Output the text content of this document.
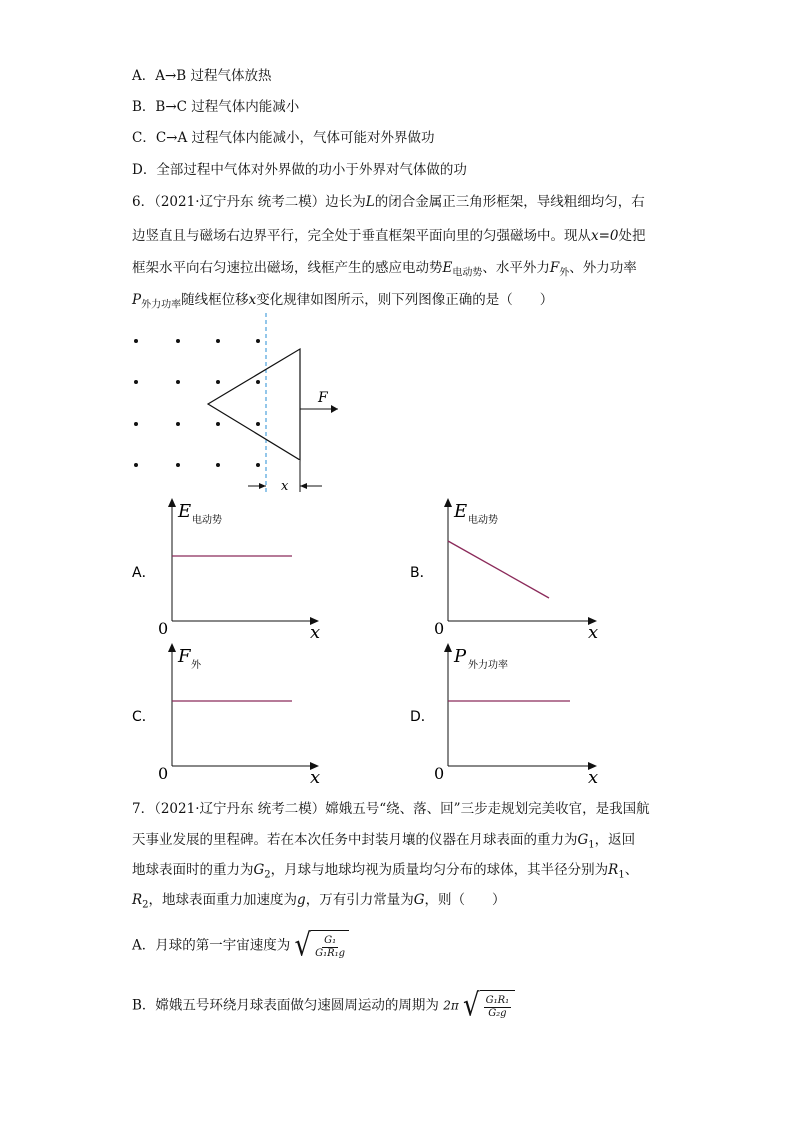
A．A→B 过程气体放热
B．B→C 过程气体内能减小
C．C→A 过程气体内能减小，气体可能对外界做功
D．全部过程中气体对外界做的功小于外界对气体做的功
6．（2021·辽宁丹东 统考二模）边长为L的闭合金属正三角形框架，导线粗细均匀，右
边竖直且与磁场右边界平行，完全处于垂直框架平面向里的匀强磁场中。现从x=0处把
框架水平向右匀速拉出磁场，线框产生的感应电动势$E_{电动势}$、水平外力$F_外$、外力功率
$P_{外力功率}$随线框位移x变化规律如图所示，则下列图像正确的是（　　）
F
x
A．
E 电动势
0	x
B．
E 电动势
0	x
C．
F 外
0	x
D．
P 外力功率
0	x
7．（2021·辽宁丹东 统考二模）嫦娥五号“绕、落、回”三步走规划完美收官，是我国航
天事业发展的里程碑。若在本次任务中封装月壤的仪器在月球表面的重力为$G_1$，返回
地球表面时的重力为$G_2$，月球与地球均视为质量均匀分布的球体，其半径分别为$R_1$、
$R_2$，地球表面重力加速度为g，万有引力常量为G，则（　　）
A．月球的第一宇宙速度为 √ $\frac{\text{G₁}}{\text{G₁R₁g}}$
B．嫦娥五号环绕月球表面做匀速圆周运动的周期为 2π √ $\frac{\text{G₁R₁}}{\text{G₂g}}$
